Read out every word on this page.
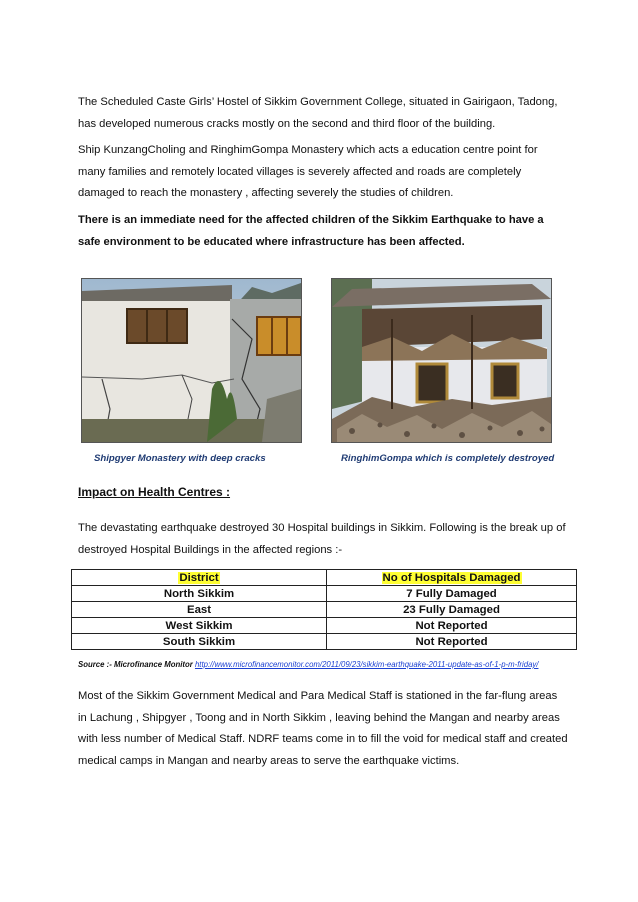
The Scheduled Caste Girls’ Hostel of Sikkim Government College, situated in Gairigaon, Tadong, has developed numerous cracks mostly on the second and third floor of the building.

Ship KunzangCholing and RinghimGompa Monastery which acts a education centre point for many families and remotely located villages is severely affected and roads are completely damaged to reach the monastery , affecting severely the studies of children.

There is an immediate need for the affected children of the Sikkim Earthquake to have a safe environment to be educated where infrastructure has been affected.

Shipgyer Monastery with deep cracks	RinghimGompa which is completely destroyed

Impact on Health Centres :

The devastating earthquake destroyed 30 Hospital buildings in Sikkim. Following is the break up of destroyed Hospital Buildings in the affected regions :-

District	No of Hospitals Damaged
North Sikkim	7 Fully Damaged
East	23 Fully Damaged
West Sikkim	Not Reported
South Sikkim	Not Reported
Source :- Microfinance Monitor http://www.microfinancemonitor.com/2011/09/23/sikkim-earthquake-2011-update-as-of-1-p-m-friday/

Most of the Sikkim Government Medical and Para Medical Staff is stationed in the far-flung areas in Lachung , Shipgyer , Toong and in North Sikkim , leaving behind the Mangan and nearby areas with less number of Medical Staff. NDRF teams come in to fill the void for medical staff and created medical camps in Mangan and nearby areas to serve the earthquake victims.
